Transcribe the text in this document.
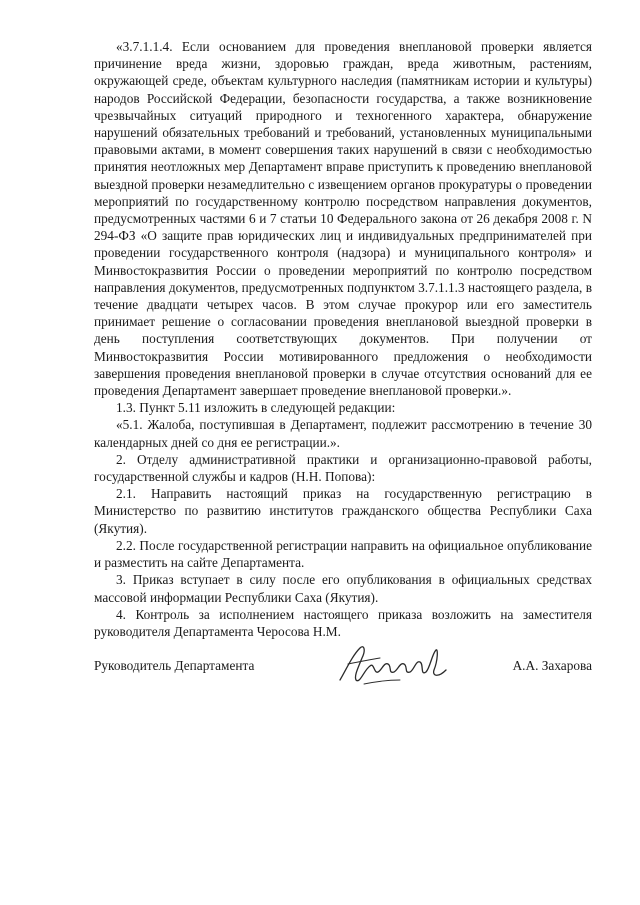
«3.7.1.1.4. Если основанием для проведения внеплановой проверки является причинение вреда жизни, здоровью граждан, вреда животным, растениям, окружающей среде, объектам культурного наследия (памятникам истории и культуры) народов Российской Федерации, безопасности государства, а также возникновение чрезвычайных ситуаций природного и техногенного характера, обнаружение нарушений обязательных требований и требований, установленных муниципальными правовыми актами, в момент совершения таких нарушений в связи с необходимостью принятия неотложных мер Департамент вправе приступить к проведению внеплановой выездной проверки незамедлительно с извещением органов прокуратуры о проведении мероприятий по государственному контролю посредством направления документов, предусмотренных частями 6 и 7 статьи 10 Федерального закона от 26 декабря 2008 г. N 294-ФЗ «О защите прав юридических лиц и индивидуальных предпринимателей при проведении государственного контроля (надзора) и муниципального контроля» и Минвостокразвития России о проведении мероприятий по контролю посредством направления документов, предусмотренных подпунктом 3.7.1.1.3 настоящего раздела, в течение двадцати четырех часов. В этом случае прокурор или его заместитель принимает решение о согласовании проведения внеплановой выездной проверки в день поступления соответствующих документов. При получении от Минвостокразвития России мотивированного предложения о необходимости завершения проведения внеплановой проверки в случае отсутствия оснований для ее проведения Департамент завершает проведение внеплановой проверки.».

1.3. Пункт 5.11 изложить в следующей редакции:

«5.1. Жалоба, поступившая в Департамент, подлежит рассмотрению в течение 30 календарных дней со дня ее регистрации.».

2. Отделу административной практики и организационно-правовой работы, государственной службы и кадров (Н.Н. Попова):

2.1. Направить настоящий приказ на государственную регистрацию в Министерство по развитию институтов гражданского общества Республики Саха (Якутия).

2.2. После государственной регистрации направить на официальное опубликование и разместить на сайте Департамента.

3. Приказ вступает в силу после его опубликования в официальных средствах массовой информации Республики Саха (Якутия).

4. Контроль за исполнением настоящего приказа возложить на заместителя руководителя Департамента Черосова Н.М.

Руководитель Департамента	А.А. Захарова
